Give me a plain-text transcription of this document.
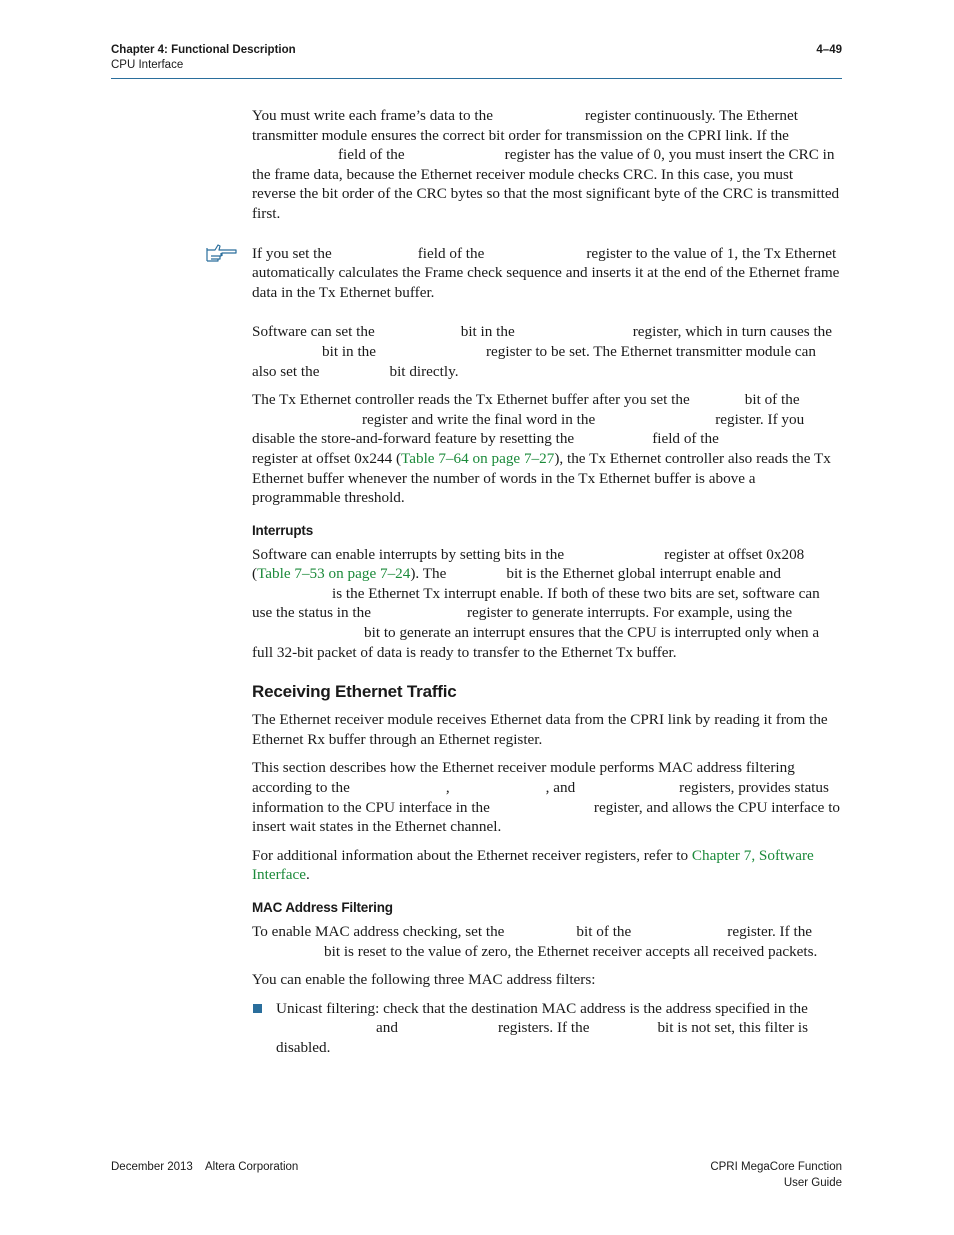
Chapter 4: Functional Description
CPU Interface
4–49

You must write each frame’s data to the	register continuously. The Ethernet transmitter module ensures the correct bit order for transmission on the CPRI link. If thefield of the	register has the value of 0, you must insert the CRC in the frame data, because the Ethernet receiver module checks CRC. In this case, you must reverse the bit order of the CRC bytes so that the most significant byte of the CRC is transmitted first.

If you set the	field of the	register to the value of 1, the Tx Ethernet automatically calculates the Frame check sequence and inserts it at the end of the Ethernet frame data in the Tx Ethernet buffer.

Software can set the	bit in the	register, which in turn causes thebit in the	register to be set. The Ethernet transmitter module can also set the	bit directly.

The Tx Ethernet controller reads the Tx Ethernet buffer after you set the	bit of theregister and write the final word in the	register. If you disable the store-and-forward feature by resetting the	field of theregister at offset 0x244 (Table 7–64 on page 7–27), the Tx Ethernet controller also reads the Tx Ethernet buffer whenever the number of words in the Tx Ethernet buffer is above a programmable threshold.

Interrupts

Software can enable interrupts by setting bits in the	register at offset 0x208 (Table 7–53 on page 7–24). The	bit is the Ethernet global interrupt enable andis the Ethernet Tx interrupt enable. If both of these two bits are set, software can use the status in the	register to generate interrupts. For example, using thebit to generate an interrupt ensures that the CPU is interrupted only when a full 32-bit packet of data is ready to transfer to the Ethernet Tx buffer.

Receiving Ethernet Traffic

The Ethernet receiver module receives Ethernet data from the CPRI link by reading it from the Ethernet Rx buffer through an Ethernet register.

This section describes how the Ethernet receiver module performs MAC address filtering according to the	,	, and	registers, provides status information to the CPU interface in the	register, and allows the CPU interface to insert wait states in the Ethernet channel.

For additional information about the Ethernet receiver registers, refer to Chapter 7, Software Interface.

MAC Address Filtering

To enable MAC address checking, set the	bit of the	register. If thebit is reset to the value of zero, the Ethernet receiver accepts all received packets.

You can enable the following three MAC address filters:

Unicast filtering: check that the destination MAC address is the address specified in theand	registers. If the	bit is not set, this filter is disabled.
December 2013    Altera Corporation	CPRI MegaCore Function
User Guide
